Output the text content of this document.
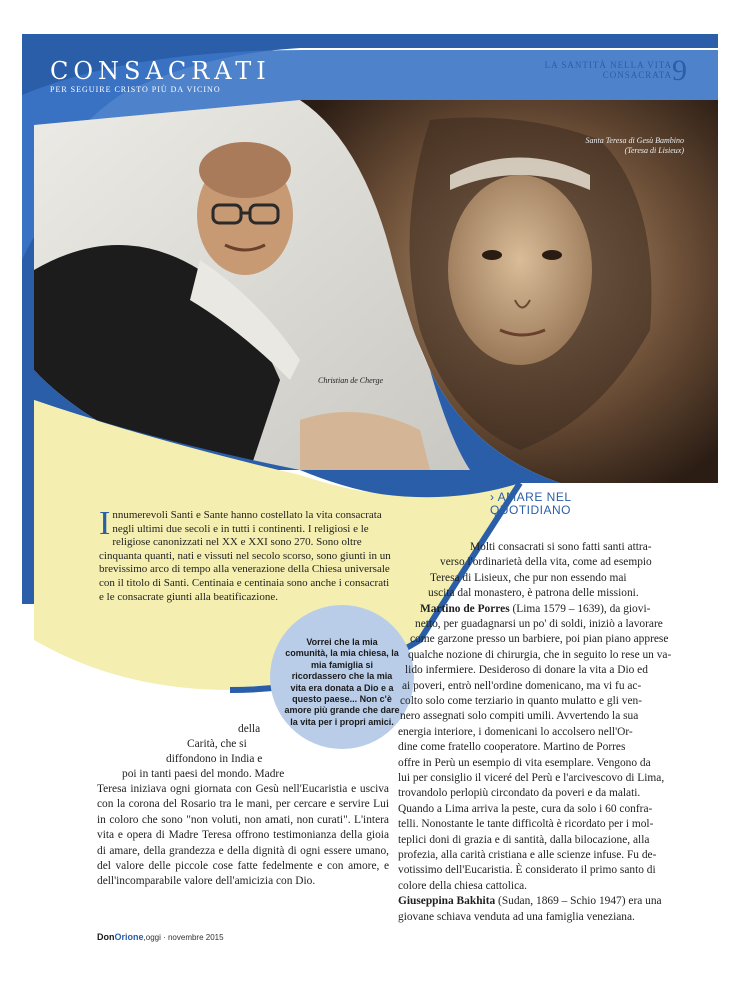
CONSACRATI
PER SEGUIRE CRISTO PIÙ DA VICINO
LA SANTITÀ NELLA VITA
CONSACRATA 9
Santa Teresa di Gesù Bambino
(Teresa di Lisieux)
Christian de Cherge
Innumerevoli Santi e Sante hanno costellato la vita consacrata negli ultimi due secoli e in tutti i continenti. I religiosi e le religiose canonizzati nel XX e XXI sono 270. Sono oltre cinquanta quanti, nati e vissuti nel secolo scorso, sono giunti in un brevissimo arco di tempo alla venerazione della Chiesa universale con il titolo di Santi. Centinaia e centinaia sono anche i consacrati e le consacrate giunti alla beatificazione.
Vorrei che la mia comunità, la mia chiesa, la mia famiglia si ricordassero che la mia vita era donata a Dio e a questo paese... Non c'è amore più grande che dare la vita per i propri amici.
della
Carità, che si
diffondono in India e
poi in tanti paesi del mondo. Madre
Teresa iniziava ogni giornata con Gesù nell'Eucaristia e usciva con la corona del Rosario tra le mani, per cercare e servire Lui in coloro che sono "non voluti, non amati, non curati". L'intera vita e opera di Madre Teresa offrono testimonianza della gioia di amare, della grandezza e della dignità di ogni essere umano, del valore delle piccole cose fatte fedelmente e con amore, e dell'incomparabile valore dell'amicizia con Dio.
› AMARE NEL
QUOTIDIANO
Molti consacrati si sono fatti santi attra-
verso l'ordinarietà della vita, come ad esempio
Teresa di Lisieux, che pur non essendo mai
uscita dal monastero, è patrona delle missioni.
Martino de Porres (Lima 1579 – 1639), da giovi-
netto, per guadagnarsi un po' di soldi, iniziò a lavorare
come garzone presso un barbiere, poi pian piano apprese
qualche nozione di chirurgia, che in seguito lo rese un va-
lido infermiere. Desideroso di donare la vita a Dio ed
ai poveri, entrò nell'ordine domenicano, ma vi fu ac-
colto solo come terziario in quanto mulatto e gli ven-
nero assegnati solo compiti umili. Avvertendo la sua
energia interiore, i domenicani lo accolsero nell'Or-
dine come fratello cooperatore. Martino de Porres
offre in Perù un esempio di vita esemplare. Vengono da
lui per consiglio il viceré del Perù e l'arcivescovo di Lima,
trovandolo perlopiù circondato da poveri e da malati.
Quando a Lima arriva la peste, cura da solo i 60 confra-
telli. Nonostante le tante difficoltà è ricordato per i mol-
teplici doni di grazia e di santità, dalla bilocazione, alla
profezia, alla carità cristiana e alle scienze infuse. Fu de-
votissimo dell'Eucaristia. È considerato il primo santo di
colore della chiesa cattolica.
Giuseppina Bakhita (Sudan, 1869 – Schio 1947) era una
giovane schiava venduta ad una famiglia veneziana.
DonOrione,oggi · novembre 2015
